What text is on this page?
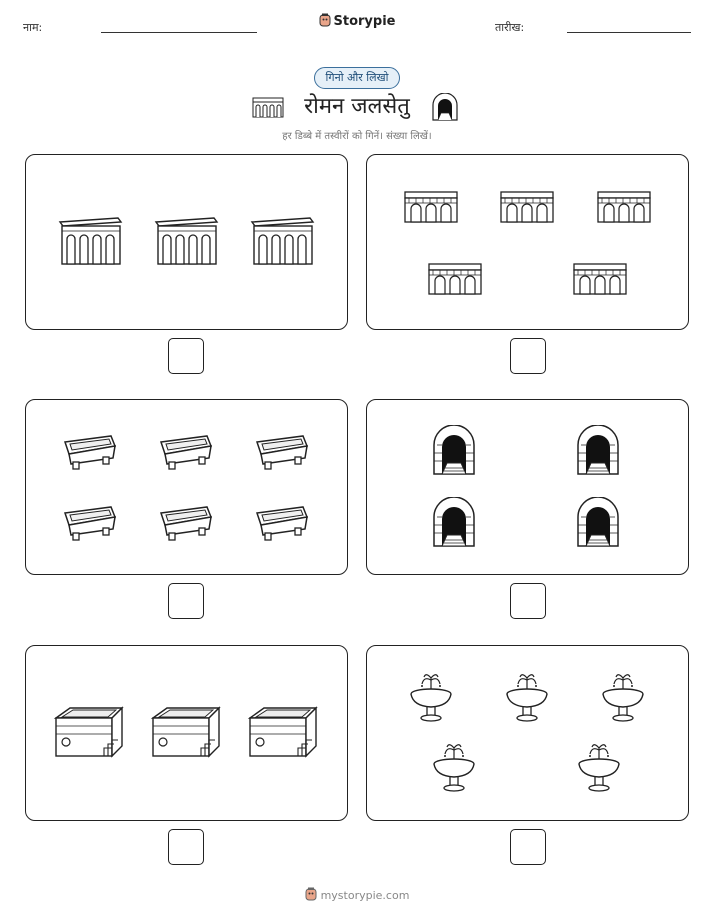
नाम:	Storypie	तारीख:
गिनो और लिखो
रोमन जलसेतु
हर डिब्बे में तस्वीरों को गिनें। संख्या लिखें।
mystorypie.com
